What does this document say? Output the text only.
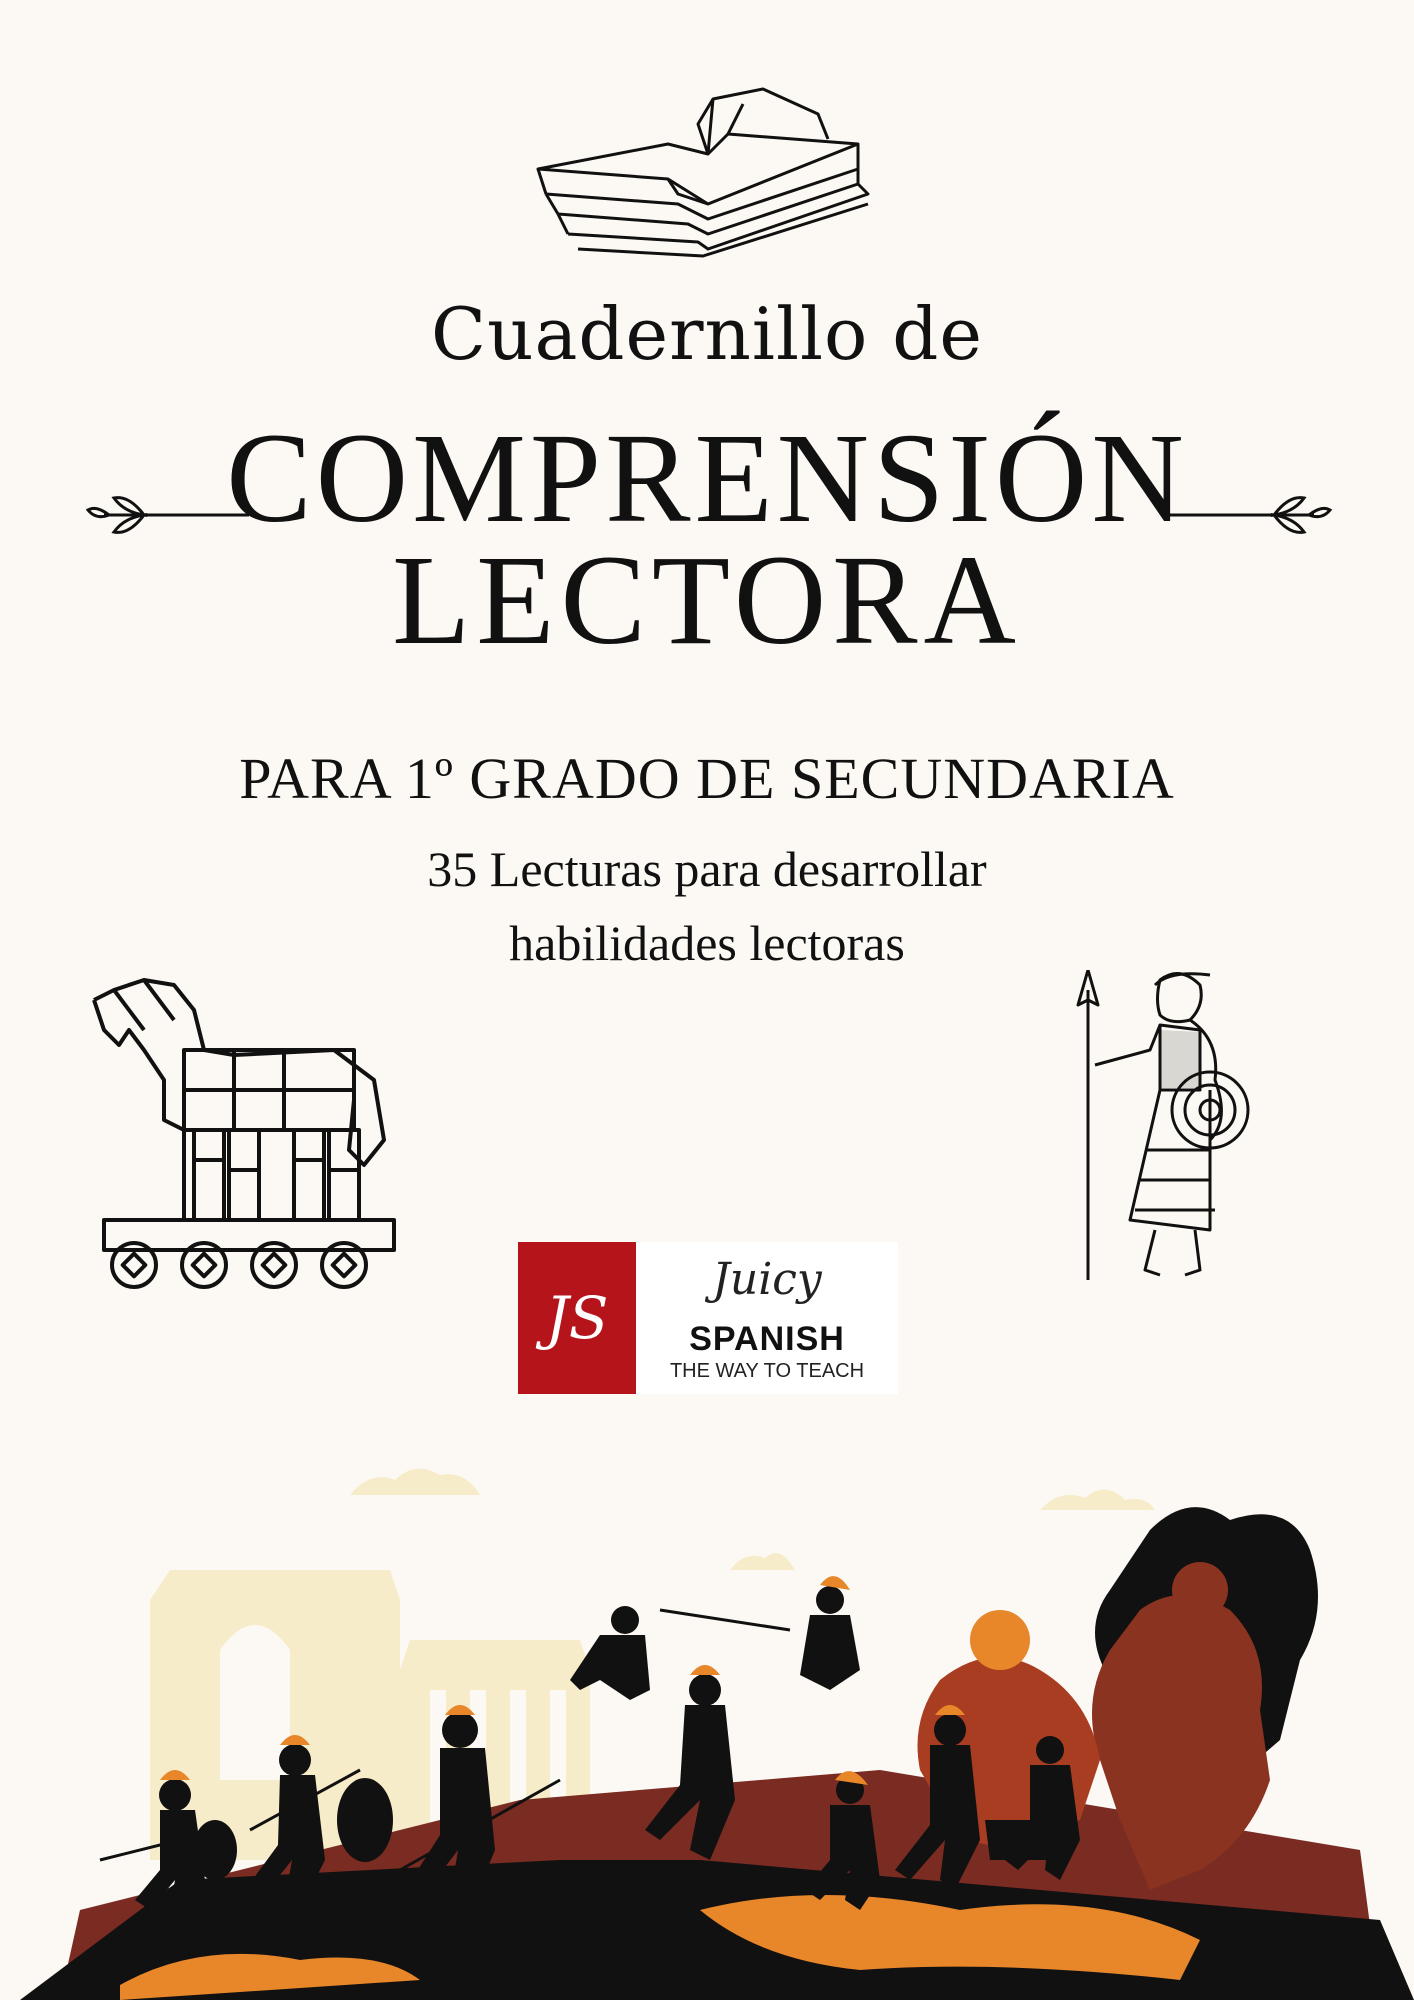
Cuadernillo de
COMPRENSIÓN
LECTORA
PARA 1º GRADO DE SECUNDARIA
35 Lecturas para desarrollar
habilidades lectoras
JS
Juicy
SPANISH
THE WAY TO TEACH
